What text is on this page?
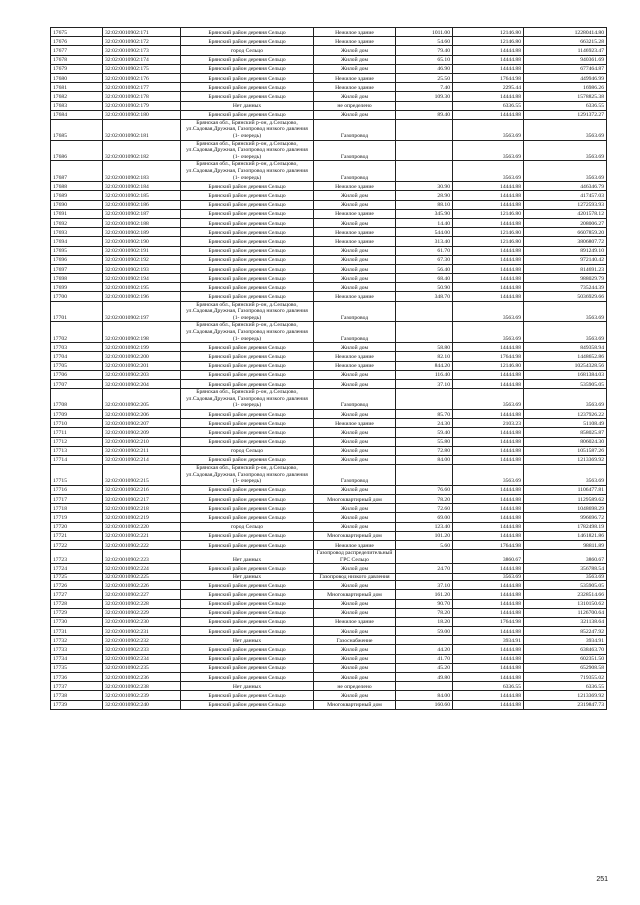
17675	32:02:0010902:171	Брянский район деревня Сельцо	Нежилое здание	1011.00	12146.80	12280414.80
17676	32:02:0010902:172	Брянский район деревня Сельцо	Нежилое здание	54.60	12146.80	663215.28
17677	32:02:0010902:173	город Сельцо	Жилой дом	79.40	14444.88	1146923.47
17678	32:02:0010902:174	Брянский район деревня Сельцо	Жилой дом	65.10	14444.88	940361.69
17679	32:02:0010902:175	Брянский район деревня Сельцо	Жилой дом	46.90	14444.88	677464.87
17680	32:02:0010902:176	Брянский район деревня Сельцо	Нежилое здание	25.50	17644.98	449946.99
17681	32:02:0010902:177	Брянский район деревня Сельцо	Нежилое здание	7.40	2295.44	16986.26
17682	32:02:0010902:178	Брянский район деревня Сельцо	Жилой дом	109.30	14444.88	1578825.38
17683	32:02:0010902:179	Нет данных	не определено		6336.55	6336.55
17684	32:02:0010902:180	Брянский район деревня Сельцо	Жилой дом	89.40	14444.88	1291372.27
17685	32:02:0010902:181	Брянская обл., Брянский р-он, д.Сельцово, ул.Садовая,Дружная, Газопровод низкого давления (1- очередь)	Газопровод		3563.69	3563.69
17686	32:02:0010902:182	Брянская обл., Брянский р-он, д.Сельцово, ул.Садовая,Дружная, Газопровод низкого давления (1- очередь)	Газопровод		3563.69	3563.69
17687	32:02:0010902:183	Брянская обл., Брянский р-он, д.Сельцово, ул.Садовая,Дружная, Газопровод низкого давления (1- очередь)	Газопровод		3563.69	3563.69
17688	32:02:0010902:184	Брянский район деревня Сельцо	Нежилое здание	30.90	14444.88	446346.79
17689	32:02:0010902:185	Брянский район деревня Сельцо	Жилой дом	28.90	14444.88	417457.03
17690	32:02:0010902:186	Брянский район деревня Сельцо	Жилой дом	88.10	14444.88	1272593.93
17691	32:02:0010902:187	Брянский район деревня Сельцо	Нежилое здание	345.90	12146.80	4201578.12
17692	32:02:0010902:188	Брянский район деревня Сельцо	Жилой дом	14.40	14444.88	208006.27
17693	32:02:0010902:189	Брянский район деревня Сельцо	Нежилое здание	544.00	12146.80	6607859.20
17694	32:02:0010902:190	Брянский район деревня Сельцо	Нежилое здание	313.40	12146.80	3806807.72
17695	32:02:0010902:191	Брянский район деревня Сельцо	Жилой дом	61.70	14444.88	891249.10
17696	32:02:0010902:192	Брянский район деревня Сельцо	Жилой дом	67.30	14444.88	972140.42
17697	32:02:0010902:193	Брянский район деревня Сельцо	Жилой дом	56.40	14444.88	814691.23
17698	32:02:0010902:194	Брянский район деревня Сельцо	Жилой дом	68.40	14444.88	988029.79
17699	32:02:0010902:195	Брянский район деревня Сельцо	Жилой дом	50.90	14444.88	735244.39
17700	32:02:0010902:196	Брянский район деревня Сельцо	Нежилое здание	348.70	14444.88	5036929.66
17701	32:02:0010902:197	Брянская обл., Брянский р-он, д.Сельцово, ул.Садовая,Дружная, Газопровод низкого давления (1- очередь)	Газопровод		3563.69	3563.69
17702	32:02:0010902:198	Брянская обл., Брянский р-он, д.Сельцово, ул.Садовая,Дружная, Газопровод низкого давления (1- очередь)	Газопровод		3563.69	3563.69
17703	32:02:0010902:199	Брянский район деревня Сельцо	Жилой дом	58.80	14444.88	849358.94
17704	32:02:0010902:200	Брянский район деревня Сельцо	Нежилое здание	82.10	17644.98	1448652.86
17705	32:02:0010902:201	Брянский район деревня Сельцо	Нежилое здание	844.20	12146.80	10254328.56
17706	32:02:0010902:203	Брянский район деревня Сельцо	Жилой дом	116.40	14444.88	1681384.03
17707	32:02:0010902:204	Брянский район деревня Сельцо	Жилой дом	37.10	14444.88	535905.05
17708	32:02:0010902:205	Брянская обл., Брянский р-он, д.Сельцово, ул.Садовая,Дружная, Газопровод низкого давления (1- очередь)	Газопровод		3563.69	3563.69
17709	32:02:0010902:206	Брянский район деревня Сельцо	Жилой дом	85.70	14444.88	1237926.22
17710	32:02:0010902:207	Брянский район деревня Сельцо	Нежилое здание	24.30	2103.23	51108.49
17711	32:02:0010902:209	Брянский район деревня Сельцо	Жилой дом	59.40	14444.88	858025.87
17712	32:02:0010902:210	Брянский район деревня Сельцо	Жилой дом	55.80	14444.88	806024.30
17713	32:02:0010902:211	город Сельцо	Жилой дом	72.80	14444.88	1051587.26
17714	32:02:0010902:214	Брянский район деревня Сельцо	Жилой дом	84.00	14444.88	1213369.92
17715	32:02:0010902:215	Брянская обл., Брянский р-он, д.Сельцово, ул.Садовая,Дружная, Газопровод низкого давления (1- очередь)	Газопровод		3563.69	3563.69
17716	32:02:0010902:216	Брянский район деревня Сельцо	Жилой дом	76.60	14444.88	1106477.81
17717	32:02:0010902:217	Брянский район деревня Сельцо	Многоквартирный дом	78.20	14444.88	1129589.62
17718	32:02:0010902:218	Брянский район деревня Сельцо	Жилой дом	72.60	14444.88	1048698.29
17719	32:02:0010902:219	Брянский район деревня Сельцо	Жилой дом	69.00	14444.88	996696.72
17720	32:02:0010902:220	город Сельцо	Жилой дом	123.40	14444.88	1782498.19
17721	32:02:0010902:221	Брянский район деревня Сельцо	Многоквартирный дом	101.20	14444.88	1461821.86
17722	32:02:0010902:222	Брянский район деревня Сельцо	Нежилое здание	5.60	17644.98	98811.89
17723	32:02:0010902:223	Нет данных	Газопровод распределительный ГРС Сельцо		3860.67	3860.67
17724	32:02:0010902:224	Брянский район деревня Сельцо	Жилой дом	24.70	14444.88	356788.54
17725	32:02:0010902:225	Нет данных	Газопровод низкого давления		3563.69	3563.69
17726	32:02:0010902:226	Брянский район деревня Сельцо	Жилой дом	37.10	14444.88	535905.05
17727	32:02:0010902:227	Брянский район деревня Сельцо	Многоквартирный дом	161.20	14444.88	2328514.66
17728	32:02:0010902:228	Брянский район деревня Сельцо	Жилой дом	90.70	14444.88	1310150.62
17729	32:02:0010902:229	Брянский район деревня Сельцо	Жилой дом	78.20	14444.88	1126700.64
17730	32:02:0010902:230	Брянский район деревня Сельцо	Нежилое здание	18.20	17644.98	321138.64
17731	32:02:0010902:231	Брянский район деревня Сельцо	Жилой дом	59.00	14444.88	852247.92
17732	32:02:0010902:232	Нет данных	Газоснабжение		3934.91	3934.91
17733	32:02:0010902:233	Брянский район деревня Сельцо	Жилой дом	44.20	14444.88	638463.70
17734	32:02:0010902:234	Брянский район деревня Сельцо	Жилой дом	41.70	14444.88	602351.50
17735	32:02:0010902:235	Брянский район деревня Сельцо	Жилой дом	45.20	14444.88	652908.58
17736	32:02:0010902:236	Брянский район деревня Сельцо	Жилой дом	49.80	14444.88	719355.02
17737	32:02:0010902:238	Нет данных	не определено		6336.55	6336.55
17738	32:02:0010902:239	Брянский район деревня Сельцо	Жилой дом	84.00	14444.88	1213369.92
17739	32:02:0010902:240	Брянский район деревня Сельцо	Многоквартирный дом	160.60	14444.88	2319847.73
251
